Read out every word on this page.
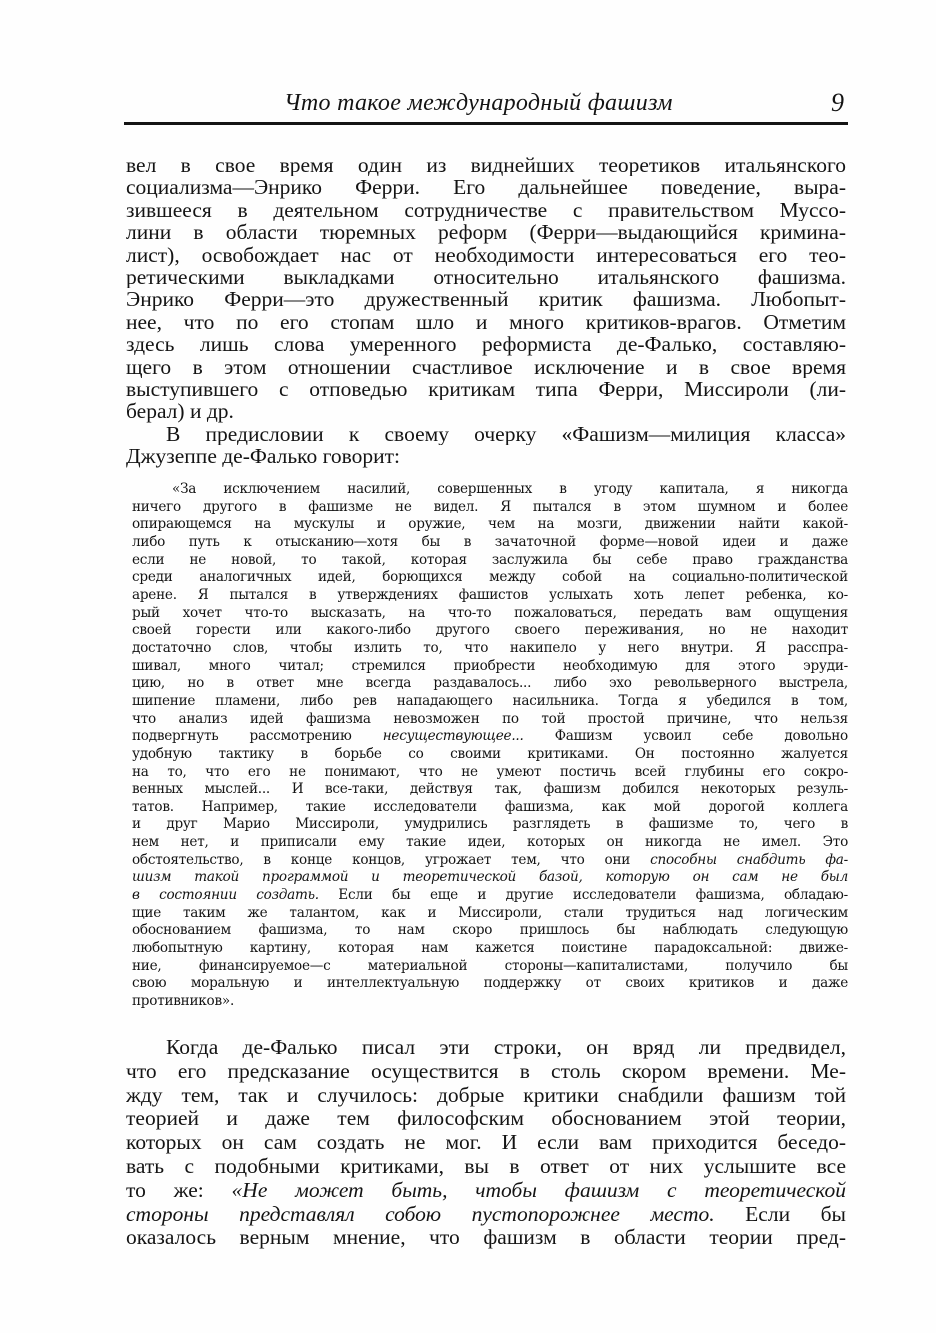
Что такое международный фашизм	9
вел в свое время один из виднейших теоретиков итальянского
социализма—Энрико Ферри. Его дальнейшее поведение, выра-
зившееся в деятельном сотрудничестве с правительством Муссо-
лини в области тюремных реформ (Ферри—выдающийся кримина-
лист), освобождает нас от необходимости интересоваться его тео-
ретическими выкладками относительно итальянского фашизма.
Энрико Ферри—это дружественный критик фашизма. Любопыт-
нее, что по его стопам шло и много критиков-врагов. Отметим
здесь лишь слова умеренного реформиста де-Фалько, составляю-
щего в этом отношении счастливое исключение и в свое время
выступившего с отповедью критикам типа Ферри, Миссироли (ли-
берал) и др.
В предисловии к своему очерку «Фашизм—милиция класса»
Джузеппе де-Фалько говорит:
«За исключением насилий, совершенных в угоду капитала, я никогда
ничего другого в фашизме не видел. Я пытался в этом шумном и более
опирающемся на мускулы и оружие, чем на мозги, движении найти какой-
либо путь к отысканию—хотя бы в зачаточной форме—новой идеи и даже
если не новой, то такой, которая заслужила бы себе право гражданства
среди аналогичных идей, борющихся между собой на социально-политической
арене. Я пытался в утверждениях фашистов услыхать хоть лепет ребенка, ко-
рый хочет что-то высказать, на что-то пожаловаться, передать вам ощущения
своей горести или какого-либо другого своего переживания, но не находит
достаточно слов, чтобы излить то, что накипело у него внутри. Я расспра-
шивал, много читал; стремился приобрести необходимую для этого эруди-
цию, но в ответ мне всегда раздавалось... либо эхо револьверного выстрела,
шипение пламени, либо рев нападающего насильника. Тогда я убедился в том,
что анализ идей фашизма невозможен по той простой причине, что нельзя
подвергнуть рассмотрению несуществующее... Фашизм усвоил себе довольно
удобную тактику в борьбе со своими критиками. Он постоянно жалуется
на то, что его не понимают, что не умеют постичь всей глубины его сокро-
венных мыслей... И все-таки, действуя так, фашизм добился некоторых резуль-
татов. Например, такие исследователи фашизма, как мой дорогой коллега
и друг Марио Миссироли, умудрились разглядеть в фашизме то, чего в
нем нет, и приписали ему такие идеи, которых он никогда не имел. Это
обстоятельство, в конце концов, угрожает тем, что они способны снабдить фа-
шизм такой программой и теоретической базой, которую он сам не был
в состоянии создать. Если бы еще и другие исследователи фашизма, обладаю-
щие таким же талантом, как и Миссироли, стали трудиться над логическим
обоснованием фашизма, то нам скоро пришлось бы наблюдать следующую
любопытную картину, которая нам кажется поистине парадоксальной: движе-
ние, финансируемое—с материальной стороны—капиталистами, получило бы
свою моральную и интеллектуальную поддержку от своих критиков и даже
противников».
Когда де-Фалько писал эти строки, он вряд ли предвидел,
что его предсказание осуществится в столь скором времени. Ме-
жду тем, так и случилось: добрые критики снабдили фашизм той
теорией и даже тем философским обоснованием этой теории,
которых он сам создать не мог. И если вам приходится беседо-
вать с подобными критиками, вы в ответ от них услышите все
то же: «Не может быть, чтобы фашизм с теоретической
стороны представлял собою пустопорожнее место. Если бы
оказалось верным мнение, что фашизм в области теории пред-
